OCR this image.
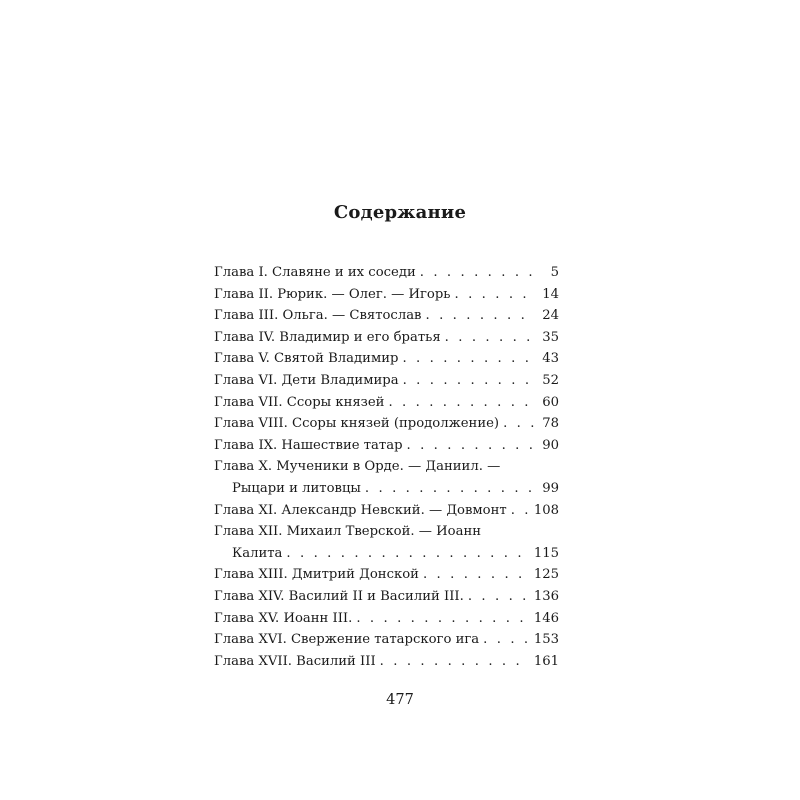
Содержание
Глава I. Славяне и их соседи . . .	5
Глава II. Рюрик. — Олег. — Игорь . . .	14
Глава III. Ольга. — Святослав . . .	24
Глава IV. Владимир и его братья . . .	35
Глава V. Святой Владимир . . .	43
Глава VI. Дети Владимира . . .	52
Глава VII. Ссоры князей . . .	60
Глава VIII. Ссоры князей (продолжение) . . .	78
Глава IX. Нашествие татар . . .	90
Глава X. Мученики в Орде. — Даниил. —
Рыцари и литовцы . . .	99
Глава XI. Александр Невский. — Довмонт . . .	108
Глава XII. Михаил Тверской. — Иоанн
Калита . . .	115
Глава XIII. Дмитрий Донской . . .	125
Глава XIV. Василий II и Василий III. . . .	136
Глава XV. Иоанн III. . . .	146
Глава XVI. Свержение татарского ига . . .	153
Глава XVII. Василий III . . .	161
477
